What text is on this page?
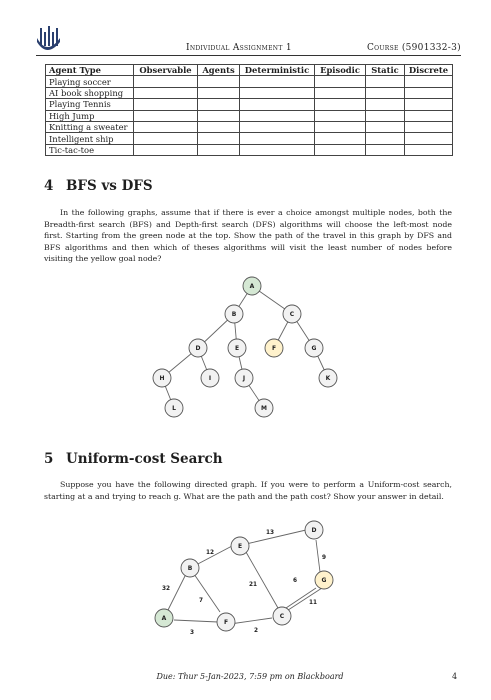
Individual Assignment 1	Course (5901332-3)
Agent Type	Observable	Agents	Deterministic	Episodic	Static	Discrete
Playing soccer						
AI book shopping						
Playing Tennis						
High Jump						
Knitting a sweater						
Intelligent ship						
Tic-tac-toe						
4 BFS vs DFS
In the following graphs, assume that if there is ever a choice amongst multiple nodes, both the Breadth-first search (BFS) and Depth-first search (DFS) algorithms will choose the left-most node first. Starting from the green node at the top. Show the path of the travel in this graph by DFS and BFS algorithms and then which of theses algorithms will visit the least number of nodes before visiting the yellow goal node?
A
B	C
D	E	F	G
H	I	J	K
L	M
5 Uniform-cost Search
Suppose you have the following directed graph. If you were to perform a Uniform-cost search, starting at a and trying to reach g. What are the path and the path cost? Show your answer in detail.
32
12
13
9
21
6
11
7
3	2
A
B
C
D
E
F
G
Due: Thur 5-Jan-2023, 7:59 pm on Blackboard	4
